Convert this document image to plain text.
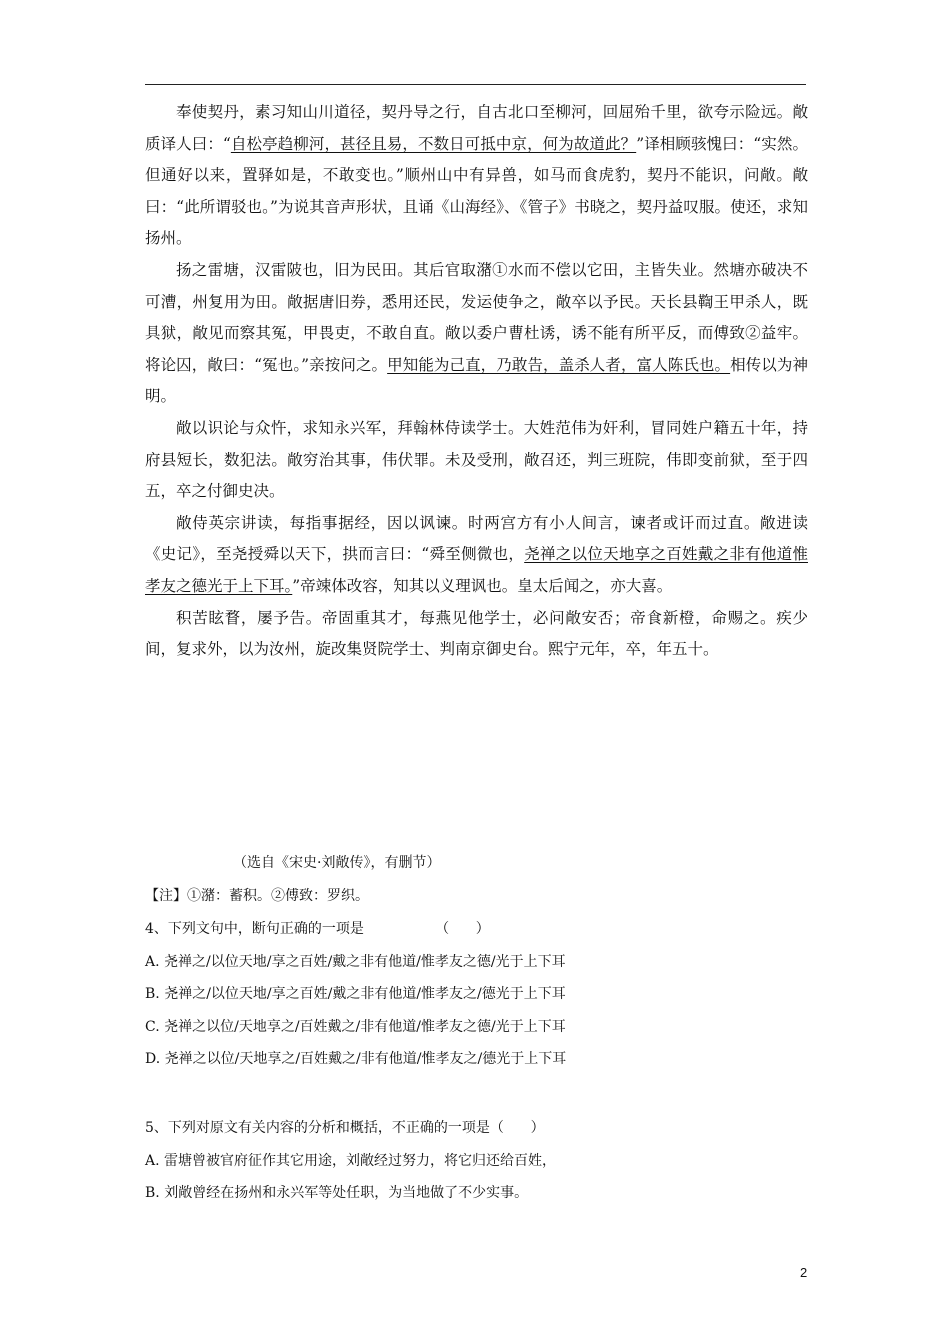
奉使契丹，素习知山川道径，契丹导之行，自古北口至柳河，回屈殆千里，欲夸示险远。敞质译人曰：“自松亭趋柳河，甚径且易，不数日可抵中京，何为故道此？”译相顾骇愧曰：“实然。但通好以来，置驿如是，不敢变也。”顺州山中有异兽，如马而食虎豹，契丹不能识，问敞。敞曰：“此所谓驳也。”为说其音声形状，且诵《山海经》、《管子》书晓之，契丹益叹服。使还，求知扬州。

扬之雷塘，汉雷陂也，旧为民田。其后官取潴①水而不偿以它田，主皆失业。然塘亦破决不可漕，州复用为田。敞据唐旧券，悉用还民，发运使争之，敞卒以予民。天长县鞫王甲杀人，既具狱，敞见而察其冤，甲畏吏，不敢自直。敞以委户曹杜诱，诱不能有所平反，而傅致②益牢。将论囚，敞曰：“冤也。”亲按问之。甲知能为己直，乃敢告，盖杀人者，富人陈氏也。相传以为神明。

敞以识论与众忤，求知永兴军，拜翰林侍读学士。大姓范伟为奸利，冒同姓户籍五十年，持府县短长，数犯法。敞穷治其事，伟伏罪。未及受刑，敞召还，判三班院，伟即变前狱，至于四五，卒之付御史决。

敞侍英宗讲读，每指事据经，因以讽谏。时两宫方有小人间言，谏者或讦而过直。敞进读《史记》，至尧授舜以天下，拱而言曰：“舜至侧微也，尧禅之以位天地享之百姓戴之非有他道惟孝友之德光于上下耳。”帝竦体改容，知其以义理讽也。皇太后闻之，亦大喜。

积苦眩瞀，屡予告。帝固重其才，每燕见他学士，必问敞安否；帝食新橙，命赐之。疾少间，复求外，以为汝州，旋改集贤院学士、判南京御史台。熙宁元年，卒，年五十。

（选自《宋史·刘敞传》，有删节）
【注】①潴：蓄积。②傅致：罗织。
4、下列文句中，断句正确的一项是                （      ）
A. 尧禅之/以位天地/享之百姓/戴之非有他道/惟孝友之德/光于上下耳
B. 尧禅之/以位天地/享之百姓/戴之非有他道/惟孝友之/德光于上下耳
C. 尧禅之以位/天地享之/百姓戴之/非有他道/惟孝友之德/光于上下耳
D. 尧禅之以位/天地享之/百姓戴之/非有他道/惟孝友之/德光于上下耳
5、下列对原文有关内容的分析和概括，不正确的一项是（      ）
A. 雷塘曾被官府征作其它用途，刘敞经过努力，将它归还给百姓，
B. 刘敞曾经在扬州和永兴军等处任职，为当地做了不少实事。
2
